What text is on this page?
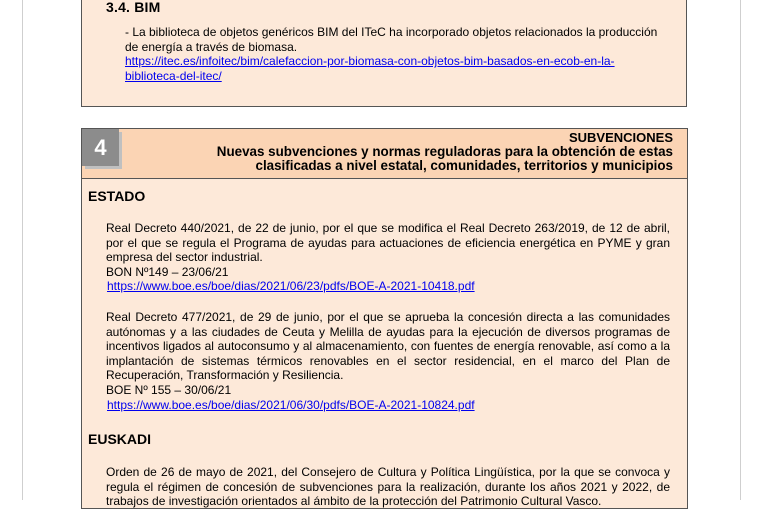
3.4. BIM
- La biblioteca de objetos genéricos BIM del ITeC ha incorporado objetos relacionados la producción de energía a través de biomasa.
https://itec.es/infoitec/bim/calefaccion-por-biomasa-con-objetos-bim-basados-en-ecob-en-la-
biblioteca-del-itec/
4	SUBVENCIONES
Nuevas subvenciones y normas reguladoras para la obtención de estas
clasificadas a nivel estatal, comunidades, territorios y municipios
ESTADO
Real Decreto 440/2021, de 22 de junio, por el que se modifica el Real Decreto 263/2019, de 12 de abril, por el que se regula el Programa de ayudas para actuaciones de eficiencia energética en PYME y gran empresa del sector industrial.
BON Nº149 – 23/06/21
https://www.boe.es/boe/dias/2021/06/23/pdfs/BOE-A-2021-10418.pdf
Real Decreto 477/2021, de 29 de junio, por el que se aprueba la concesión directa a las comunidades autónomas y a las ciudades de Ceuta y Melilla de ayudas para la ejecución de diversos programas de incentivos ligados al autoconsumo y al almacenamiento, con fuentes de energía renovable, así como a la implantación de sistemas térmicos renovables en el sector residencial, en el marco del Plan de Recuperación, Transformación y Resiliencia.
BOE Nº 155 – 30/06/21
https://www.boe.es/boe/dias/2021/06/30/pdfs/BOE-A-2021-10824.pdf
EUSKADI
Orden de 26 de mayo de 2021, del Consejero de Cultura y Política Lingüística, por la que se convoca y regula el régimen de concesión de subvenciones para la realización, durante los años 2021 y 2022, de trabajos de investigación orientados al ámbito de la protección del Patrimonio Cultural Vasco.
